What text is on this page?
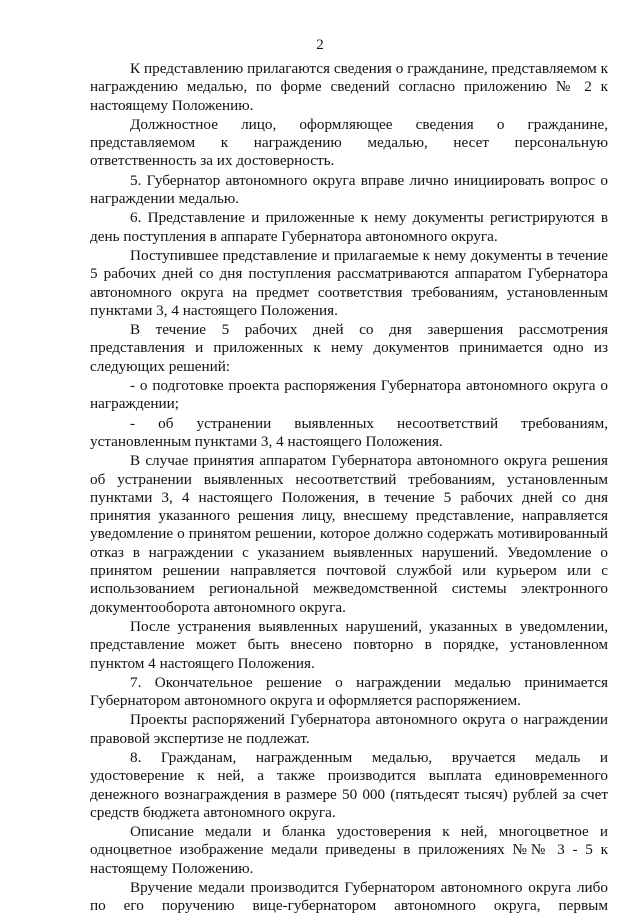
2

К представлению прилагаются сведения о гражданине, представляемом к награждению медалью, по форме сведений согласно приложению № 2 к настоящему Положению.

Должностное лицо, оформляющее сведения о гражданине, представляемом к награждению медалью, несет персональную ответственность за их достоверность.

5. Губернатор автономного округа вправе лично инициировать вопрос о награждении медалью.

6. Представление и приложенные к нему документы регистрируются в день поступления в аппарате Губернатора автономного округа.

Поступившее представление и прилагаемые к нему документы в течение 5 рабочих дней со дня поступления рассматриваются аппаратом Губернатора автономного округа на предмет соответствия требованиям, установленным пунктами 3, 4 настоящего Положения.

В течение 5 рабочих дней со дня завершения рассмотрения представления и приложенных к нему документов принимается одно из следующих решений:

- о подготовке проекта распоряжения Губернатора автономного округа о награждении;

- об устранении выявленных несоответствий требованиям, установленным пунктами 3, 4 настоящего Положения.

В случае принятия аппаратом Губернатора автономного округа решения об устранении выявленных несоответствий требованиям, установленным пунктами 3, 4 настоящего Положения, в течение 5 рабочих дней со дня принятия указанного решения лицу, внесшему представление, направляется уведомление о принятом решении, которое должно содержать мотивированный отказ в награждении с указанием выявленных нарушений. Уведомление о принятом решении направляется почтовой службой или курьером или с использованием региональной межведомственной системы электронного документооборота автономного округа.

После устранения выявленных нарушений, указанных в уведомлении, представление может быть внесено повторно в порядке, установленном пунктом 4 настоящего Положения.

7. Окончательное решение о награждении медалью принимается Губернатором автономного округа и оформляется распоряжением.

Проекты распоряжений Губернатора автономного округа о награждении правовой экспертизе не подлежат.

8. Гражданам, награжденным медалью, вручается медаль и удостоверение к ней, а также производится выплата единовременного денежного вознаграждения в размере 50 000 (пятьдесят тысяч) рублей за счет средств бюджета автономного округа.

Описание медали и бланка удостоверения к ней, многоцветное и одноцветное изображение медали приведены в приложениях №№ 3 - 5 к настоящему Положению.

Вручение медали производится Губернатором автономного округа либо по его поручению вице-губернатором автономного округа, первым
